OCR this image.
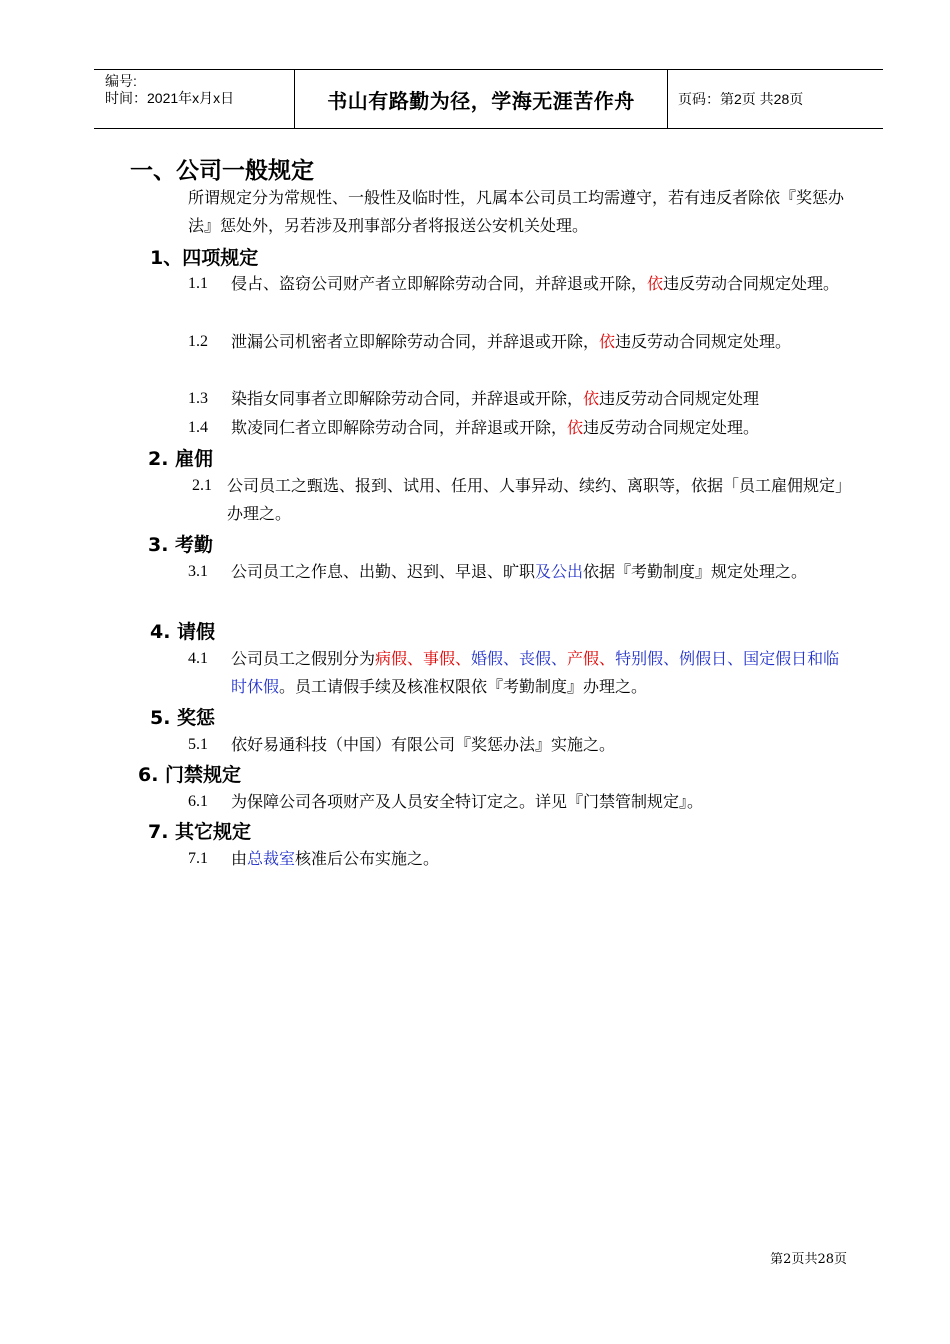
编号:
时间：2021年x月x日	书山有路勤为径，学海无涯苦作舟	页码：第2页 共28页
一、公司一般规定
所谓规定分为常规性、一般性及临时性，凡属本公司员工均需遵守，若有违反者除依『奖惩办法』惩处外，另若涉及刑事部分者将报送公安机关处理。
1、四项规定
1.1 侵占、盗窃公司财产者立即解除劳动合同，并辞退或开除，依违反劳动合同规定处理。
1.2 泄漏公司机密者立即解除劳动合同，并辞退或开除，依违反劳动合同规定处理。
1.3 染指女同事者立即解除劳动合同，并辞退或开除，依违反劳动合同规定处理
1.4 欺凌同仁者立即解除劳动合同，并辞退或开除，依违反劳动合同规定处理。
2. 雇佣
2.1 公司员工之甄选、报到、试用、任用、人事异动、续约、离职等，依据「员工雇佣规定」办理之。
3. 考勤
3.1 公司员工之作息、出勤、迟到、早退、旷职及公出依据『考勤制度』规定处理之。
4. 请假
4.1 公司员工之假别分为病假、事假、婚假、丧假、产假、特别假、例假日、国定假日和临时休假。员工请假手续及核准权限依『考勤制度』办理之。
5. 奖惩
5.1 依好易通科技（中国）有限公司『奖惩办法』实施之。
6. 门禁规定
6.1 为保障公司各项财产及人员安全特订定之。详见『门禁管制规定』。
7. 其它规定
7.1 由总裁室核准后公布实施之。
第2页共28页
